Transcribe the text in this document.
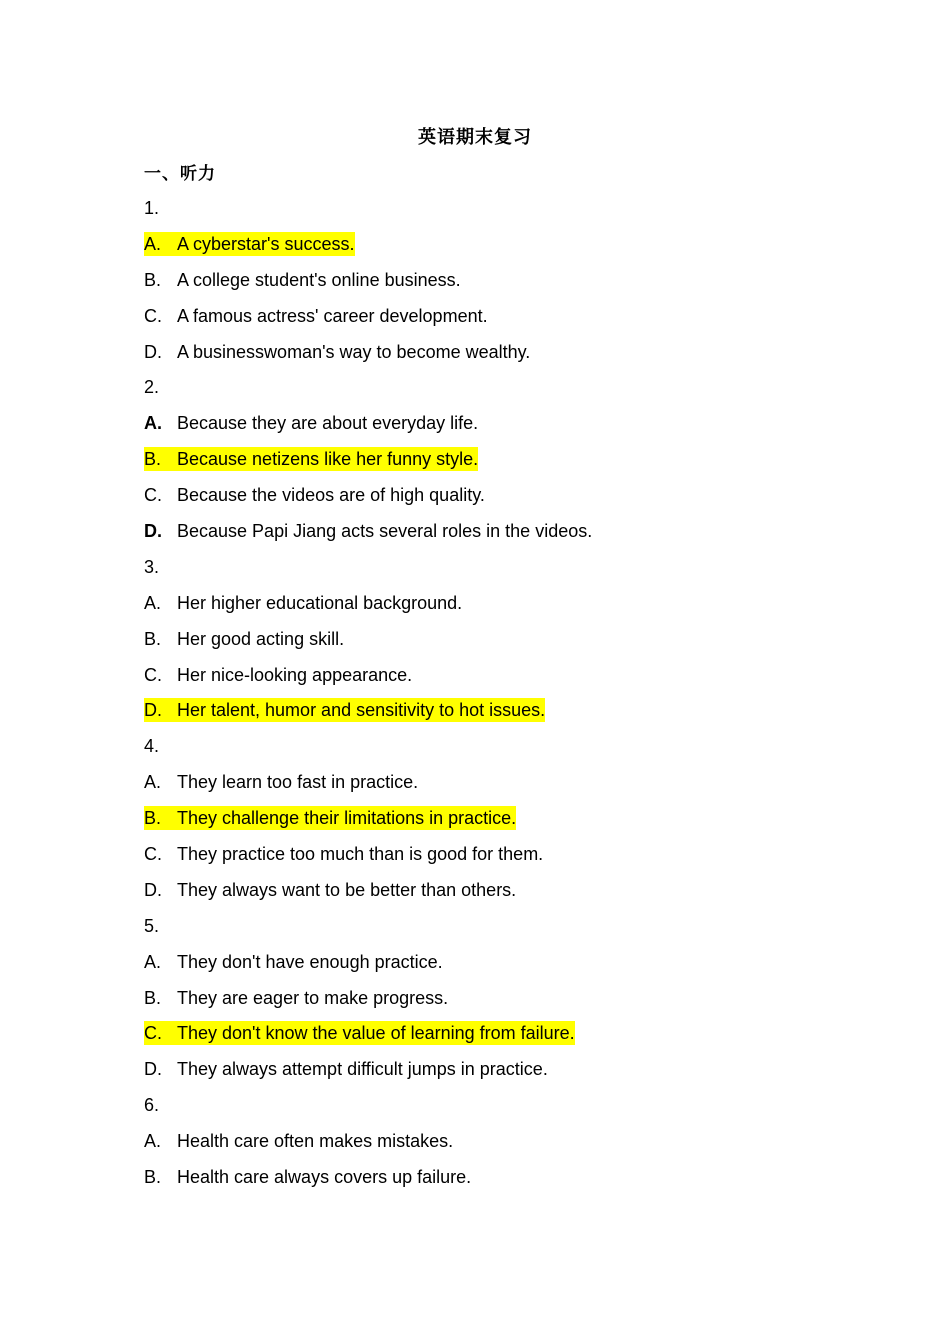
英语期末复习
一、听力
1.
A. A cyberstar's success.
B. A college student's online business.
C. A famous actress' career development.
D. A businesswoman's way to become wealthy.
2.
A. Because they are about everyday life.
B. Because netizens like her funny style.
C. Because the videos are of high quality.
D. Because Papi Jiang acts several roles in the videos.
3.
A. Her higher educational background.
B. Her good acting skill.
C. Her nice-looking appearance.
D. Her talent, humor and sensitivity to hot issues.
4.
A. They learn too fast in practice.
B. They challenge their limitations in practice.
C. They practice too much than is good for them.
D. They always want to be better than others.
5.
A. They don't have enough practice.
B. They are eager to make progress.
C. They don't know the value of learning from failure.
D. They always attempt difficult jumps in practice.
6.
A. Health care often makes mistakes.
B. Health care always covers up failure.
